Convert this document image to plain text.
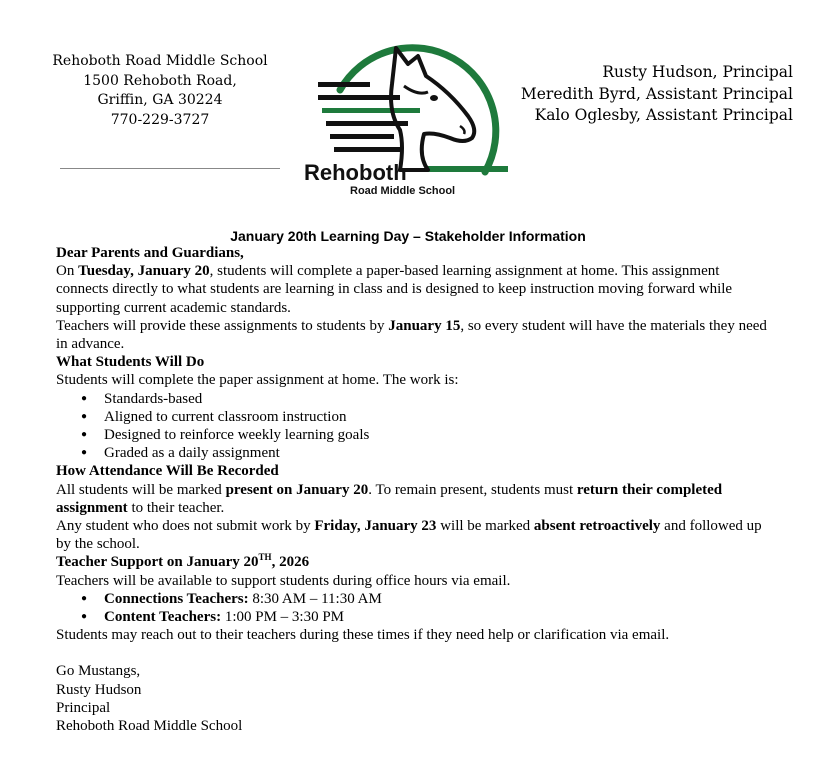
Rehoboth Road Middle School
1500 Rehoboth Road,
Griffin, GA 30224
770-229-3727
Rehoboth
Road Middle School
Rusty Hudson, Principal
Meredith Byrd, Assistant Principal
Kalo Oglesby, Assistant Principal
January 20th Learning Day – Stakeholder Information
Dear Parents and Guardians,

On Tuesday, January 20, students will complete a paper-based learning assignment at home. This assignment connects directly to what students are learning in class and is designed to keep instruction moving forward while supporting current academic standards.

Teachers will provide these assignments to students by January 15, so every student will have the materials they need in advance.

What Students Will Do

Students will complete the paper assignment at home. The work is:

● Standards-based
● Aligned to current classroom instruction
● Designed to reinforce weekly learning goals
● Graded as a daily assignment
How Attendance Will Be Recorded

All students will be marked present on January 20. To remain present, students must return their completed assignment to their teacher.

Any student who does not submit work by Friday, January 23 will be marked absent retroactively and followed up by the school.

Teacher Support on January 20TH, 2026

Teachers will be available to support students during office hours via email.

● Connections Teachers: 8:30 AM – 11:30 AM
● Content Teachers: 1:00 PM – 3:30 PM

Students may reach out to their teachers during these times if they need help or clarification via email.

Go Mustangs,

Rusty Hudson

Principal

Rehoboth Road Middle School
